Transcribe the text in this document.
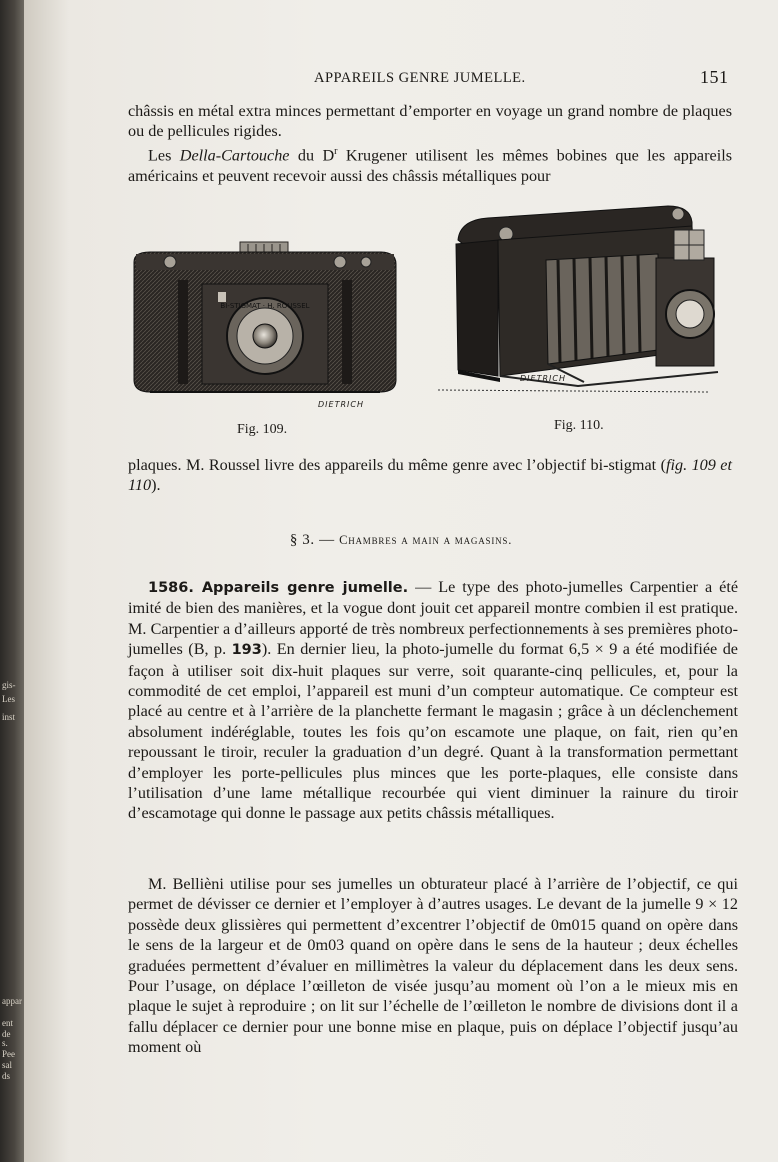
gis-
Les
inst
appar
ent de
s. Pee
sal ds
APPAREILS GENRE JUMELLE.	151

châssis en métal extra minces permettant d’emporter en voyage un grand nombre de plaques ou de pellicules rigides.
Les Della-Cartouche du $D^r$ Krugener utilisent les mêmes bobines que les appareils américains et peuvent recevoir aussi des châssis métalliques pour

BI-STIGMAT · H. ROUSSEL
DIETRICH
Fig. 109.
DIETRICH
Fig. 110.

plaques. M. Roussel livre des appareils du même genre avec l’objectif bi-stigmat (fig. 109 et 110).

§ 3. — Chambres a main a magasins.

1586. Appareils genre jumelle. — Le type des photo-jumelles Carpentier a été imité de bien des manières, et la vogue dont jouit cet appareil montre combien il est pratique. M. Carpentier a d’ailleurs apporté de très nombreux perfectionnements à ses premières photo-jumelles (B, p. 193). En dernier lieu, la photo-jumelle du format 6,5 × 9 a été modifiée de façon à utiliser soit dix-huit plaques sur verre, soit quarante-cinq pellicules, et, pour la commodité de cet emploi, l’appareil est muni d’un compteur automatique. Ce compteur est placé au centre et à l’arrière de la planchette fermant le magasin ; grâce à un déclenchement absolument indéréglable, toutes les fois qu’on escamote une plaque, on fait, rien qu’en repoussant le tiroir, reculer la graduation d’un degré. Quant à la transformation permettant d’employer les porte-pellicules plus minces que les porte-plaques, elle consiste dans l’utilisation d’une lame métallique recourbée qui vient diminuer la rainure du tiroir d’escamotage qui donne le passage aux petits châssis métalliques.

M. Bellièni utilise pour ses jumelles un obturateur placé à l’arrière de l’objectif, ce qui permet de dévisser ce dernier et l’employer à d’autres usages. Le devant de la jumelle 9 × 12 possède deux glissières qui permettent d’excentrer l’objectif de 0m015 quand on opère dans le sens de la largeur et de 0m03 quand on opère dans le sens de la hauteur ; deux échelles graduées permettent d’évaluer en millimètres la valeur du déplacement dans les deux sens. Pour l’usage, on déplace l’œilleton de visée jusqu’au moment où l’on a le mieux mis en plaque le sujet à reproduire ; on lit sur l’échelle de l’œilleton le nombre de divisions dont il a fallu déplacer ce dernier pour une bonne mise en plaque, puis on déplace l’objectif jusqu’au moment où
